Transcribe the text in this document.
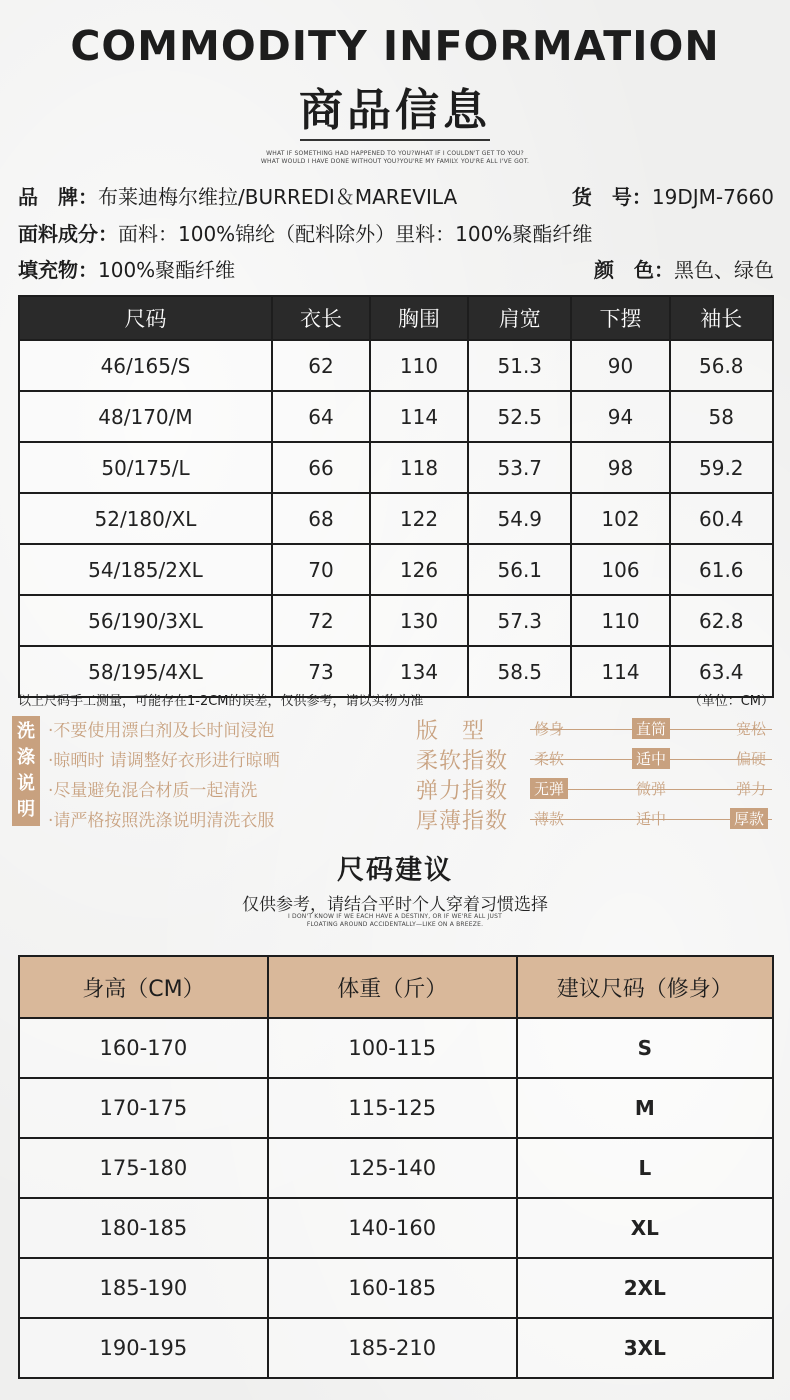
COMMODITY INFORMATION
商品信息
WHAT IF SOMETHING HAD HAPPENED TO YOU?WHAT IF I COULDN'T GET TO YOU?
WHAT WOULD I HAVE DONE WITHOUT YOU?YOU'RE MY FAMILY. YOU'RE ALL I'VE GOT.
品　牌：布莱迪梅尔维拉/BURREDI＆MAREVILA	货　号：19DJM-7660
面料成分：面料：100%锦纶（配料除外）里料：100%聚酯纤维
填充物：100%聚酯纤维	颜　色：黑色、绿色
尺码	衣长	胸围	肩宽	下摆	袖长
46/165/S	62	110	51.3	90	56.8
48/170/M	64	114	52.5	94	58
50/175/L	66	118	53.7	98	59.2
52/180/XL	68	122	54.9	102	60.4
54/185/2XL	70	126	56.1	106	61.6
56/190/3XL	72	130	57.3	110	62.8
58/195/4XL	73	134	58.5	114	63.4
以上尺码手工测量，可能存在1-2CM的误差，仅供参考，请以实物为准	（单位：CM）
洗
涤
说
明
·不要使用漂白剂及长时间浸泡
·晾晒时 请调整好衣形进行晾晒
·尽量避免混合材质一起清洗
·请严格按照洗涤说明清洗衣服
版　型	修身	直筒	宽松
柔软指数 柔软	适中	偏硬
弹力指数 无弹	微弹	弹力
厚薄指数 薄款	适中	厚款
尺码建议
仅供参考，请结合平时个人穿着习惯选择
I DON'T KNOW IF WE EACH HAVE A DESTINY, OR IF WE'RE ALL JUST
FLOATING AROUND ACCIDENTALLY—LIKE ON A BREEZE.
身高（CM）	体重（斤）	建议尺码（修身）
160-170	100-115	S
170-175	115-125	M
175-180	125-140	L
180-185	140-160	XL
185-190	160-185	2XL
190-195	185-210	3XL
